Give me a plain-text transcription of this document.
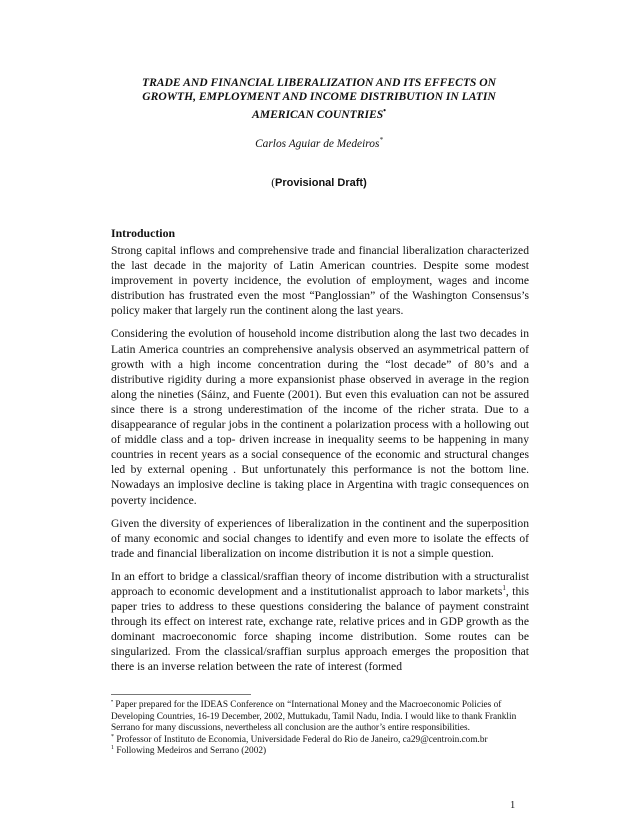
TRADE AND FINANCIAL LIBERALIZATION AND ITS EFFECTS ON
GROWTH, EMPLOYMENT AND INCOME DISTRIBUTION IN LATIN
AMERICAN COUNTRIES•
Carlos Aguiar de Medeiros*
(Provisional Draft)
Introduction

Strong capital inflows and comprehensive trade and financial liberalization characterized the last decade in the majority of Latin American countries. Despite some modest improvement in poverty incidence, the evolution of employment, wages and income distribution has frustrated even the most “Panglossian” of the Washington Consensus’s policy maker that largely run the continent along the last years.

Considering the evolution of household income distribution along the last two decades in Latin America countries an comprehensive analysis observed an asymmetrical pattern of growth with a high income concentration during the “lost decade” of 80’s and a distributive rigidity during a more expansionist phase observed in average in the region along the nineties (Sáinz, and Fuente (2001). But even this evaluation can not be assured since there is a strong underestimation of the income of the richer strata. Due to a disappearance of regular jobs in the continent a polarization process with a hollowing out of middle class and a top- driven increase in inequality seems to be happening in many countries in recent years as a social consequence of the economic and structural changes led by external opening . But unfortunately this performance is not the bottom line. Nowadays an implosive decline is taking place in Argentina with tragic consequences on poverty incidence.

Given the diversity of experiences of liberalization in the continent and the superposition of many economic and social changes to identify and even more to isolate the effects of trade and financial liberalization on income distribution it is not a simple question.

In an effort to bridge a classical/sraffian theory of income distribution with a structuralist approach to economic development and a institutionalist approach to labor markets$^1$, this paper tries to address to these questions considering the balance of payment constraint through its effect on interest rate, exchange rate, relative prices and in GDP growth as the dominant macroeconomic force shaping income distribution. Some routes can be singularized. From the classical/sraffian surplus approach emerges the proposition that there is an inverse relation between the rate of interest (formed

• Paper prepared for the IDEAS Conference on “International Money and the Macroeconomic Policies of Developing Countries, 16-19 December, 2002, Muttukadu, Tamil Nadu, India. I would like to thank Franklin Serrano for many discussions, nevertheless all conclusion are the author’s entire responsibilities.

* Professor of Instituto de Economia, Universidade Federal do Rio de Janeiro, ca29@centroin.com.br

$^1$ Following Medeiros and Serrano (2002)

1
